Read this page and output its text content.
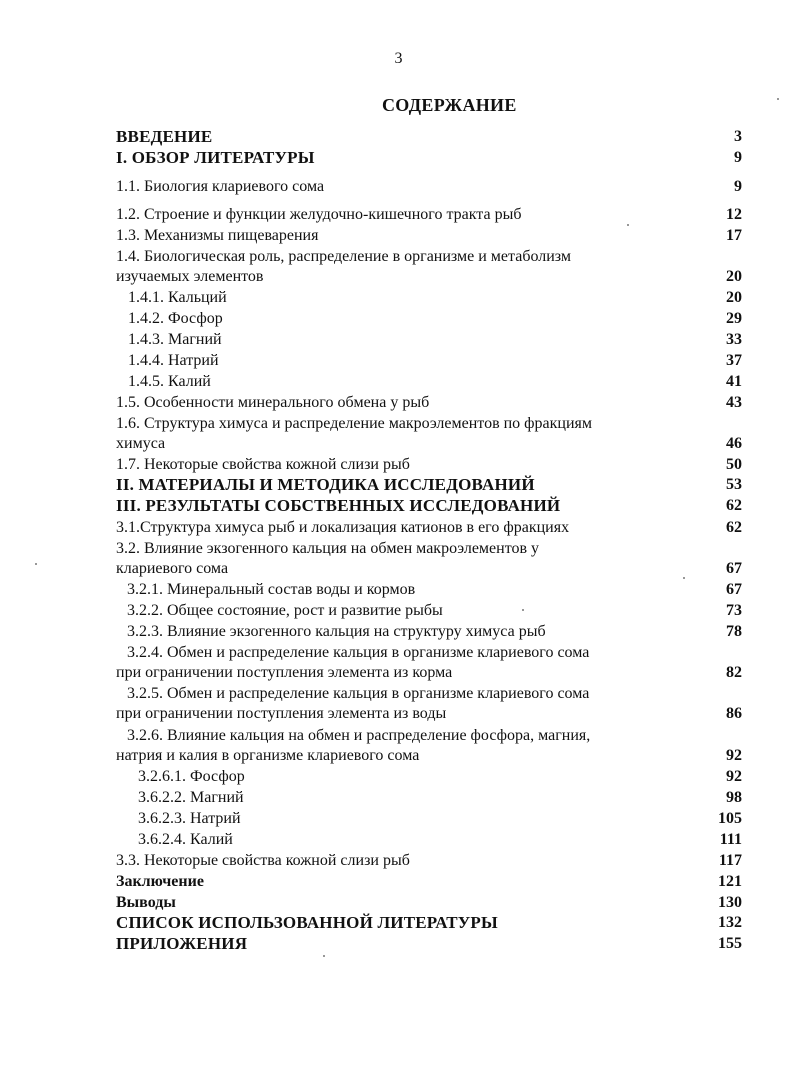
3
СОДЕРЖАНИЕ
ВВЕДЕНИЕ	3
I. ОБЗОР ЛИТЕРАТУРЫ	9
1.1. Биология клариевого сома	9
1.2. Строение и функции желудочно-кишечного тракта рыб	12
1.3. Механизмы пищеварения	17
1.4. Биологическая роль, распределение в организме и метаболизм
изучаемых элементов	20
1.4.1. Кальций	20
1.4.2. Фосфор	29
1.4.3. Магний	33
1.4.4. Натрий	37
1.4.5. Калий	41
1.5. Особенности минерального обмена у рыб	43
1.6. Структура химуса и распределение макроэлементов по фракциям
химуса	46
1.7. Некоторые свойства кожной слизи рыб	50
II. МАТЕРИАЛЫ И МЕТОДИКА ИССЛЕДОВАНИЙ	53
III. РЕЗУЛЬТАТЫ СОБСТВЕННЫХ ИССЛЕДОВАНИЙ	62
3.1.Структура химуса рыб и локализация катионов в его фракциях	62
3.2. Влияние экзогенного кальция на обмен макроэлементов у
клариевого сома	67
3.2.1. Минеральный состав воды и кормов	67
3.2.2. Общее состояние, рост и развитие рыбы	73
3.2.3. Влияние экзогенного кальция на структуру химуса рыб	78
3.2.4. Обмен и распределение кальция в организме клариевого сома
при ограничении поступления элемента из корма	82
3.2.5. Обмен и распределение кальция в организме клариевого сома
при ограничении поступления элемента из воды	86
3.2.6. Влияние кальция на обмен и распределение фосфора, магния,
натрия и калия в организме клариевого сома	92
3.2.6.1. Фосфор	92
3.6.2.2. Магний	98
3.6.2.3. Натрий	105
3.6.2.4. Калий	111
3.3. Некоторые свойства кожной слизи рыб	117
Заключение	121
Выводы	130
СПИСОК ИСПОЛЬЗОВАННОЙ ЛИТЕРАТУРЫ	132
ПРИЛОЖЕНИЯ	155
